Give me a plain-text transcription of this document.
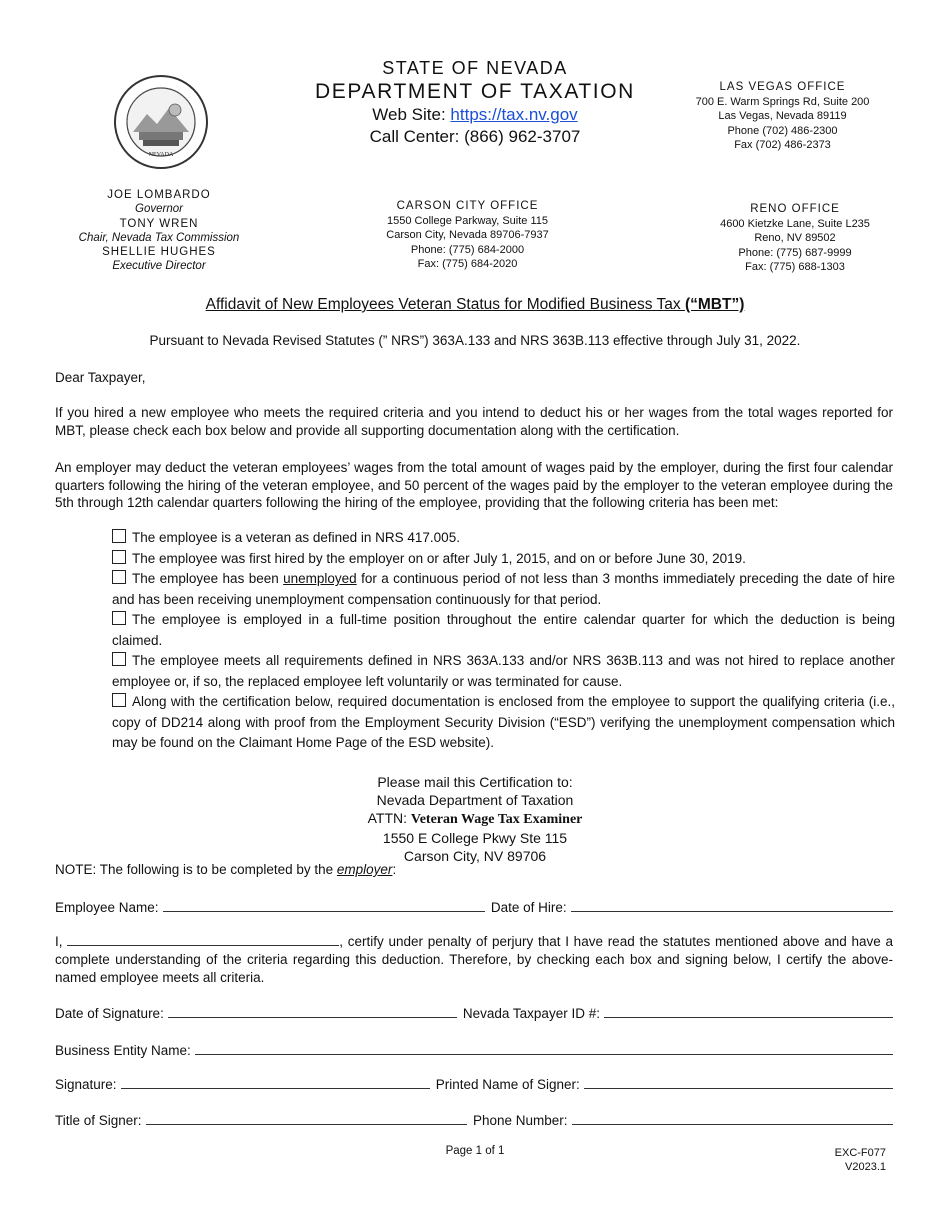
NEVADA
STATE OF NEVADA
DEPARTMENT OF TAXATION
Web Site: https://tax.nv.gov
Call Center: (866) 962-3707
LAS VEGAS OFFICE
700 E. Warm Springs Rd, Suite 200
Las Vegas, Nevada 89119
Phone (702) 486-2300
Fax (702) 486-2373
JOE LOMBARDO
Governor
TONY WREN
Chair, Nevada Tax Commission
SHELLIE HUGHES
Executive Director
CARSON CITY OFFICE
1550 College Parkway, Suite 115
Carson City, Nevada 89706-7937
Phone: (775) 684-2000
Fax: (775) 684-2020
RENO OFFICE
4600 Kietzke Lane, Suite L235
Reno, NV 89502
Phone: (775) 687-9999
Fax: (775) 688-1303
Affidavit of New Employees Veteran Status for Modified Business Tax (“MBT”)
Pursuant to Nevada Revised Statutes (” NRS”) 363A.133 and NRS 363B.113 effective through July 31, 2022.
Dear Taxpayer,
If you hired a new employee who meets the required criteria and you intend to deduct his or her wages from the total wages reported for MBT, please check each box below and provide all supporting documentation along with the certification.
An employer may deduct the veteran employees’ wages from the total amount of wages paid by the employer, during the first four calendar quarters following the hiring of the veteran employee, and 50 percent of the wages paid by the employer to the veteran employee during the 5th through 12th calendar quarters following the hiring of the employee, providing that the following criteria has been met:

The employee is a veteran as defined in NRS 417.005.

The employee was first hired by the employer on or after July 1, 2015, and on or before June 30, 2019.

The employee has been unemployed for a continuous period of not less than 3 months immediately preceding the date of hire and has been receiving unemployment compensation continuously for that period.

The employee is employed in a full-time position throughout the entire calendar quarter for which the deduction is being claimed.

The employee meets all requirements defined in NRS 363A.133 and/or NRS 363B.113 and was not hired to replace another employee or, if so, the replaced employee left voluntarily or was terminated for cause.

Along with the certification below, required documentation is enclosed from the employee to support the qualifying criteria (i.e., copy of DD214 along with proof from the Employment Security Division (“ESD”) verifying the unemployment compensation which may be found on the Claimant Home Page of the ESD website).

Please mail this Certification to:
Nevada Department of Taxation
ATTN: Veteran Wage Tax Examiner
1550 E College Pkwy Ste 115
Carson City, NV 89706
NOTE: The following is to be completed by the employer:
Employee Name:	Date of Hire:
I,	, certify under penalty of perjury that I have read the statutes mentioned above and have a complete understanding of the criteria regarding this deduction. Therefore, by checking each box and signing below, I certify the above-named employee meets all criteria.
Date of Signature:	Nevada Taxpayer ID #:
Business Entity Name:
Signature:	Printed Name of Signer:
Title of Signer:	Phone Number:
Page 1 of 1	EXC-F077
V2023.1
